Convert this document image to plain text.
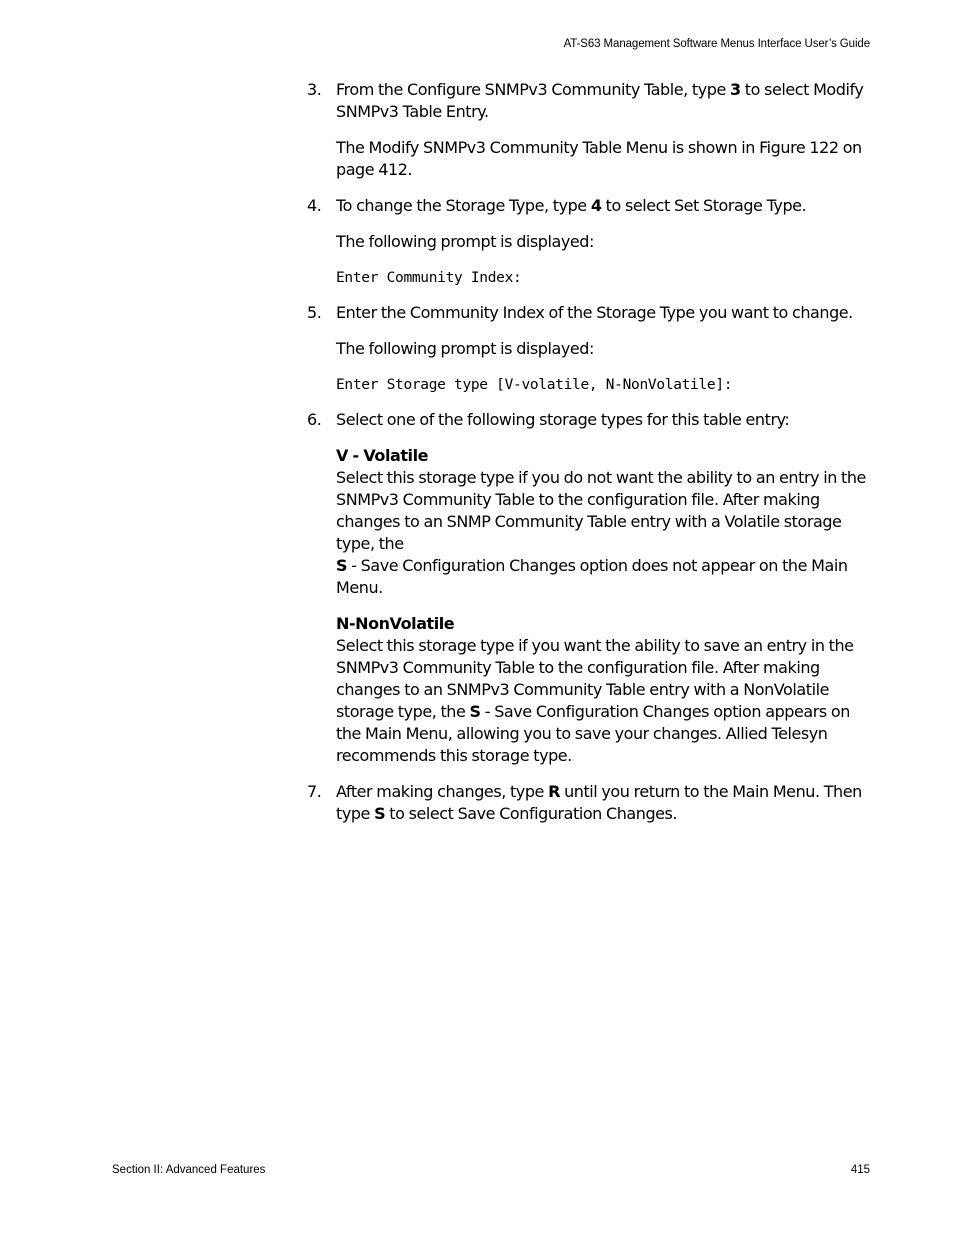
AT-S63 Management Software Menus Interface User’s Guide
3. From the Configure SNMPv3 Community Table, type 3 to select Modify SNMPv3 Table Entry.

The Modify SNMPv3 Community Table Menu is shown in Figure 122 on page 412.

4. To change the Storage Type, type 4 to select Set Storage Type.

The following prompt is displayed:

Enter Community Index:
5. Enter the Community Index of the Storage Type you want to change.

The following prompt is displayed:

Enter Storage type [V-volatile, N-NonVolatile]:
6. Select one of the following storage types for this table entry:

V - Volatile

Select this storage type if you do not want the ability to an entry in the SNMPv3 Community Table to the configuration file. After making changes to an SNMP Community Table entry with a Volatile storage type, the
S - Save Configuration Changes option does not appear on the Main Menu.

N-NonVolatile

Select this storage type if you want the ability to save an entry in the SNMPv3 Community Table to the configuration file. After making changes to an SNMPv3 Community Table entry with a NonVolatile storage type, the S - Save Configuration Changes option appears on the Main Menu, allowing you to save your changes. Allied Telesyn recommends this storage type.

7. After making changes, type R until you return to the Main Menu. Then type S to select Save Configuration Changes.

Section II: Advanced Features	415
